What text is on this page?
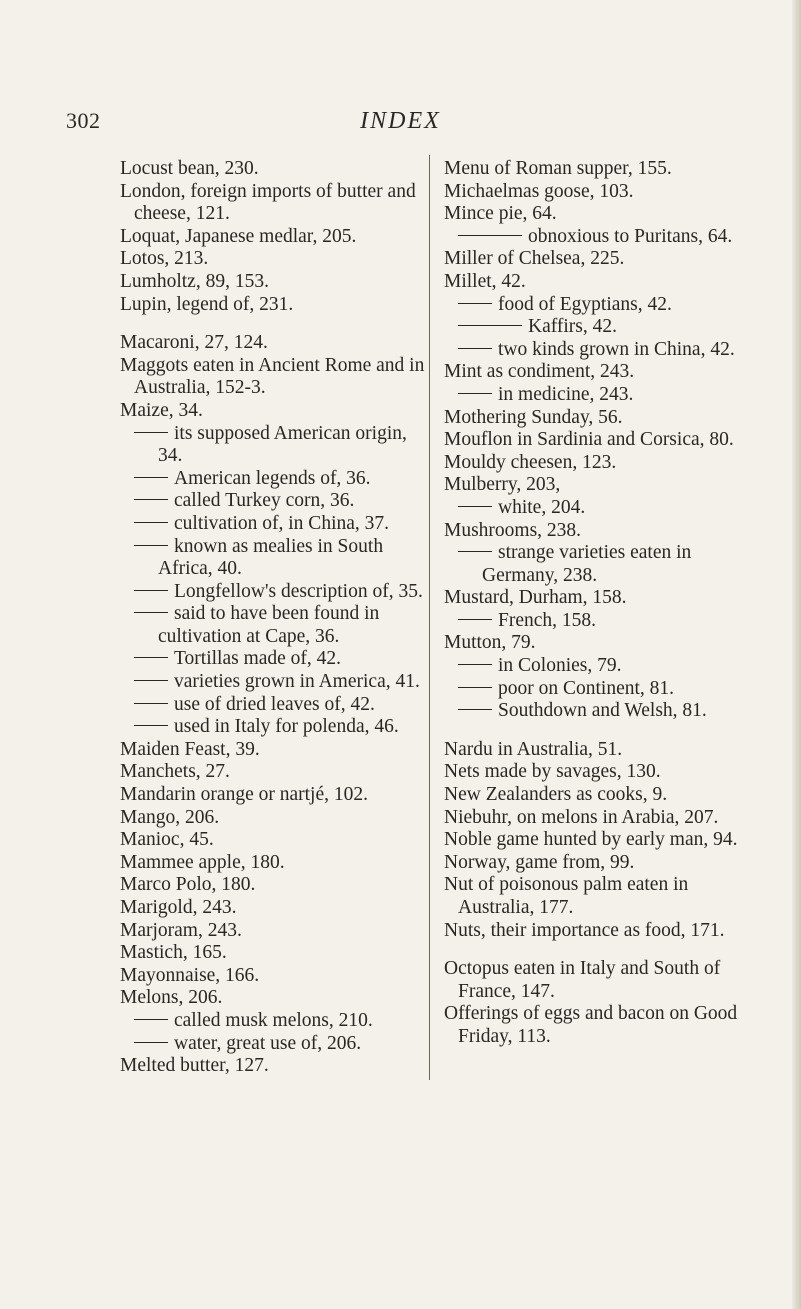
302	INDEX

Locust bean, 230.

London, foreign imports of butter and cheese, 121.

Loquat, Japanese medlar, 205.

Lotos, 213.

Lumholtz, 89, 153.

Lupin, legend of, 231.

Macaroni, 27, 124.

Maggots eaten in Ancient Rome and in Australia, 152-3.

Maize, 34.

its supposed American origin, 34.

American legends of, 36.

called Turkey corn, 36.

cultivation of, in China, 37.

known as mealies in South Africa, 40.

Longfellow's description of, 35.

said to have been found in cultivation at Cape, 36.

Tortillas made of, 42.

varieties grown in America, 41.

use of dried leaves of, 42.

used in Italy for polenda, 46.

Maiden Feast, 39.

Manchets, 27.

Mandarin orange or nartjé, 102.

Mango, 206.

Manioc, 45.

Mammee apple, 180.

Marco Polo, 180.

Marigold, 243.

Marjoram, 243.

Mastich, 165.

Mayonnaise, 166.

Melons, 206.

called musk melons, 210.

water, great use of, 206.

Melted butter, 127.

Menu of Roman supper, 155.

Michaelmas goose, 103.

Mince pie, 64.

obnoxious to Puritans, 64.

Miller of Chelsea, 225.

Millet, 42.

food of Egyptians, 42.

Kaffirs, 42.

two kinds grown in China, 42.

Mint as condiment, 243.

in medicine, 243.

Mothering Sunday, 56.

Mouflon in Sardinia and Corsica, 80.

Mouldy cheesen, 123.

Mulberry, 203,

white, 204.

Mushrooms, 238.

strange varieties eaten in Germany, 238.

Mustard, Durham, 158.

French, 158.

Mutton, 79.

in Colonies, 79.

poor on Continent, 81.

Southdown and Welsh, 81.

Nardu in Australia, 51.

Nets made by savages, 130.

New Zealanders as cooks, 9.

Niebuhr, on melons in Arabia, 207.

Noble game hunted by early man, 94.

Norway, game from, 99.

Nut of poisonous palm eaten in Australia, 177.

Nuts, their importance as food, 171.

Octopus eaten in Italy and South of France, 147.

Offerings of eggs and bacon on Good Friday, 113.
